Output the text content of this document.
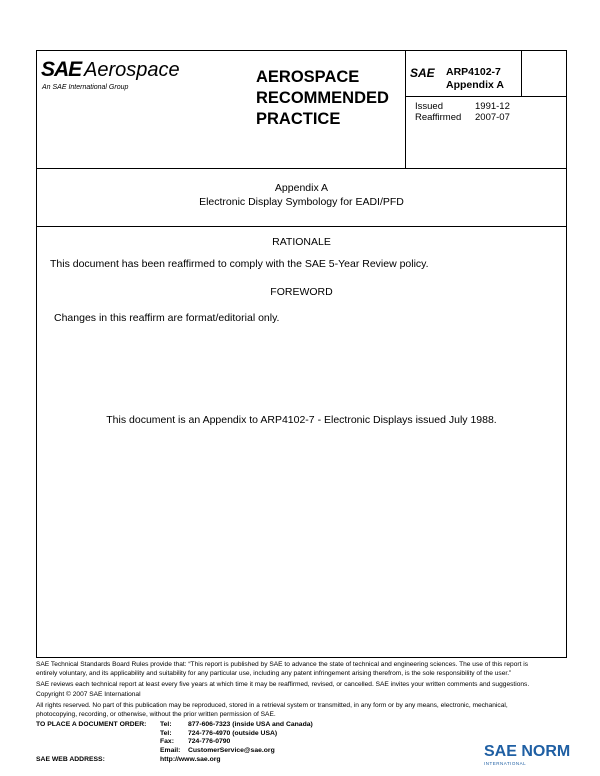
SAE Aerospace
An SAE International Group
AEROSPACE
RECOMMENDED
PRACTICE
SAE ARP4102-7
Appendix A
Issued	1991-12
Reaffirmed 2007-07
Appendix A
Electronic Display Symbology for EADI/PFD
RATIONALE
This document has been reaffirmed to comply with the SAE 5-Year Review policy.
FOREWORD
Changes in this reaffirm are format/editorial only.
This document is an Appendix to ARP4102-7 - Electronic Displays issued July 1988.
SAE Technical Standards Board Rules provide that: “This report is published by SAE to advance the state of technical and engineering sciences. The use of this report is
entirely voluntary, and its applicability and suitability for any particular use, including any patent infringement arising therefrom, is the sole responsibility of the user.”
SAE reviews each technical report at least every five years at which time it may be reaffirmed, revised, or cancelled. SAE invites your written comments and suggestions.
Copyright © 2007 SAE International
All rights reserved. No part of this publication may be reproduced, stored in a retrieval system or transmitted, in any form or by any means, electronic, mechanical,
photocopying, recording, or otherwise, without the prior written permission of SAE.
TO PLACE A DOCUMENT ORDER: Tel: 877-606-7323 (inside USA and Canada)
Tel: 724-776-4970 (outside USA)
Fax: 724-776-0790
Email: CustomerService@sae.org
SAE WEB ADDRESS:	http://www.sae.org	SAE NORM
INTERNATIONAL
